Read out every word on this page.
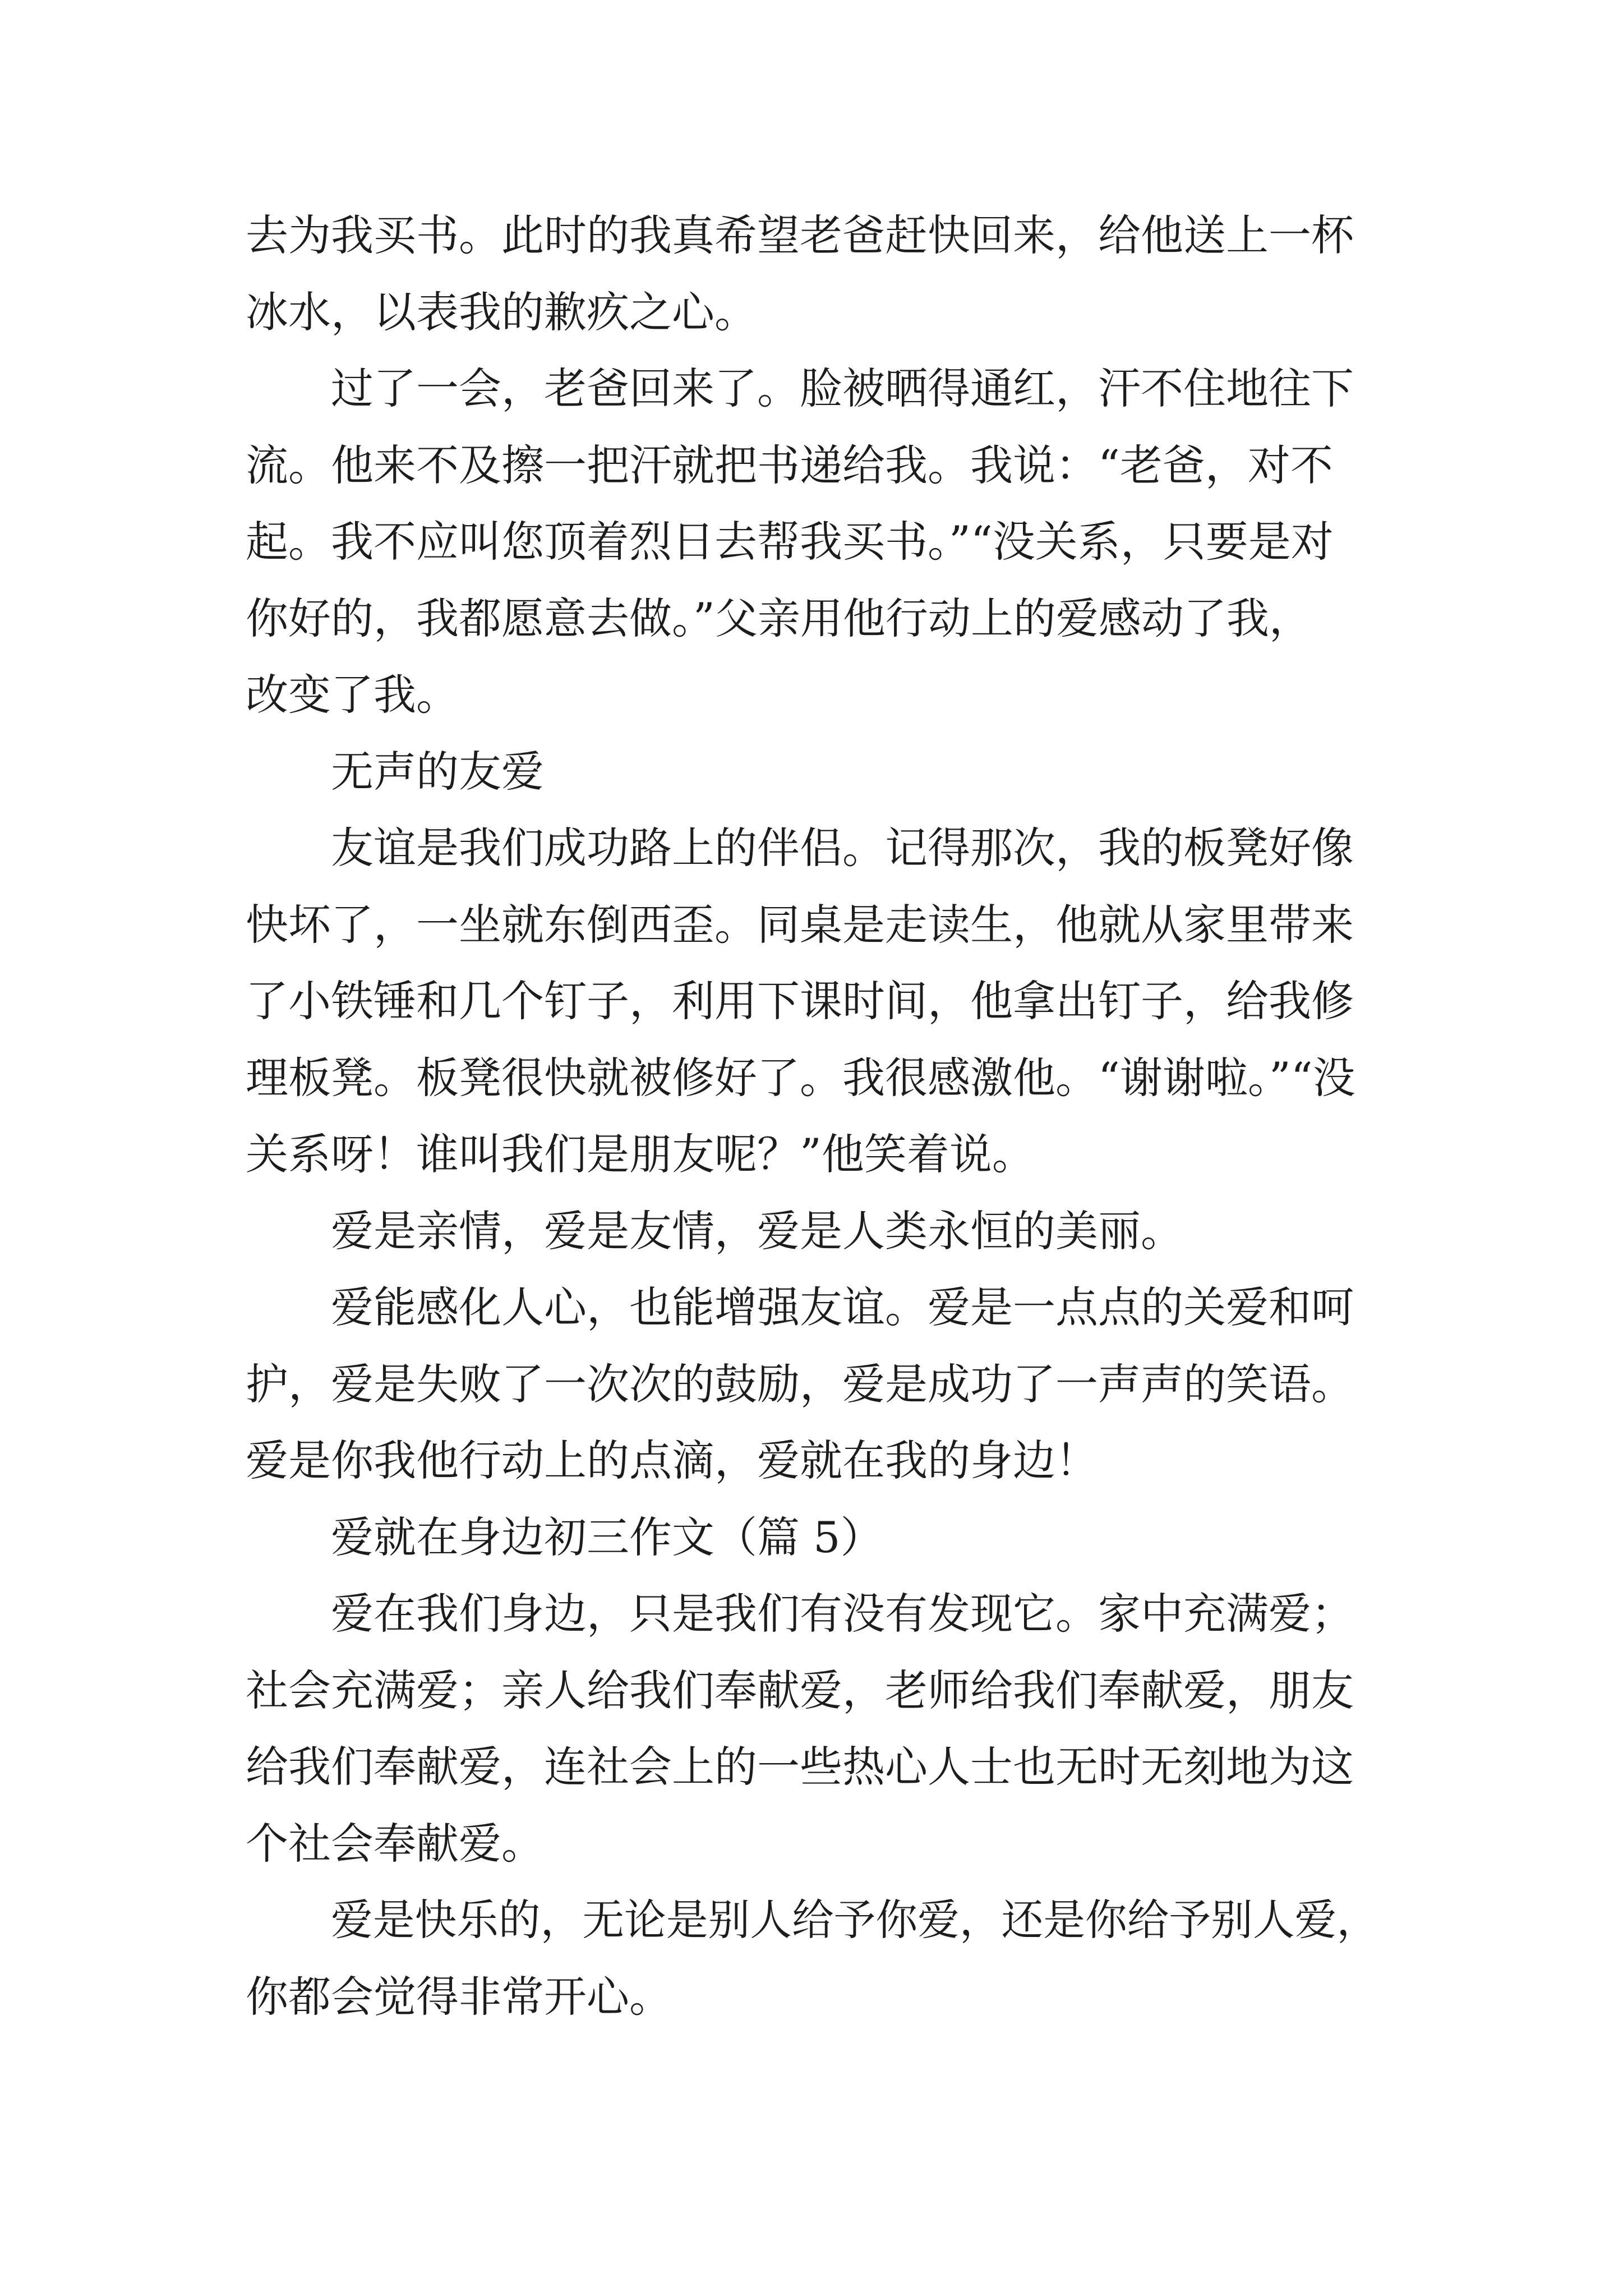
去为我买书。此时的我真希望老爸赶快回来，给他送上一杯
冰水，以表我的歉疚之心。
过了一会，老爸回来了。脸被晒得通红，汗不住地往下
流。他来不及擦一把汗就把书递给我。我说：“老爸，对不
起。我不应叫您顶着烈日去帮我买书。”“没关系，只要是对
你好的，我都愿意去做。”父亲用他行动上的爱感动了我，
改变了我。
无声的友爱
友谊是我们成功路上的伴侣。记得那次，我的板凳好像
快坏了，一坐就东倒西歪。同桌是走读生，他就从家里带来
了小铁锤和几个钉子，利用下课时间，他拿出钉子，给我修
理板凳。板凳很快就被修好了。我很感激他。“谢谢啦。”“没
关系呀！谁叫我们是朋友呢？”他笑着说。
爱是亲情，爱是友情，爱是人类永恒的美丽。
爱能感化人心，也能增强友谊。爱是一点点的关爱和呵
护，爱是失败了一次次的鼓励，爱是成功了一声声的笑语。
爱是你我他行动上的点滴，爱就在我的身边！
爱就在身边初三作文（篇 5）
爱在我们身边，只是我们有没有发现它。家中充满爱；
社会充满爱；亲人给我们奉献爱，老师给我们奉献爱，朋友
给我们奉献爱，连社会上的一些热心人士也无时无刻地为这
个社会奉献爱。
爱是快乐的，无论是别人给予你爱，还是你给予别人爱，
你都会觉得非常开心。
